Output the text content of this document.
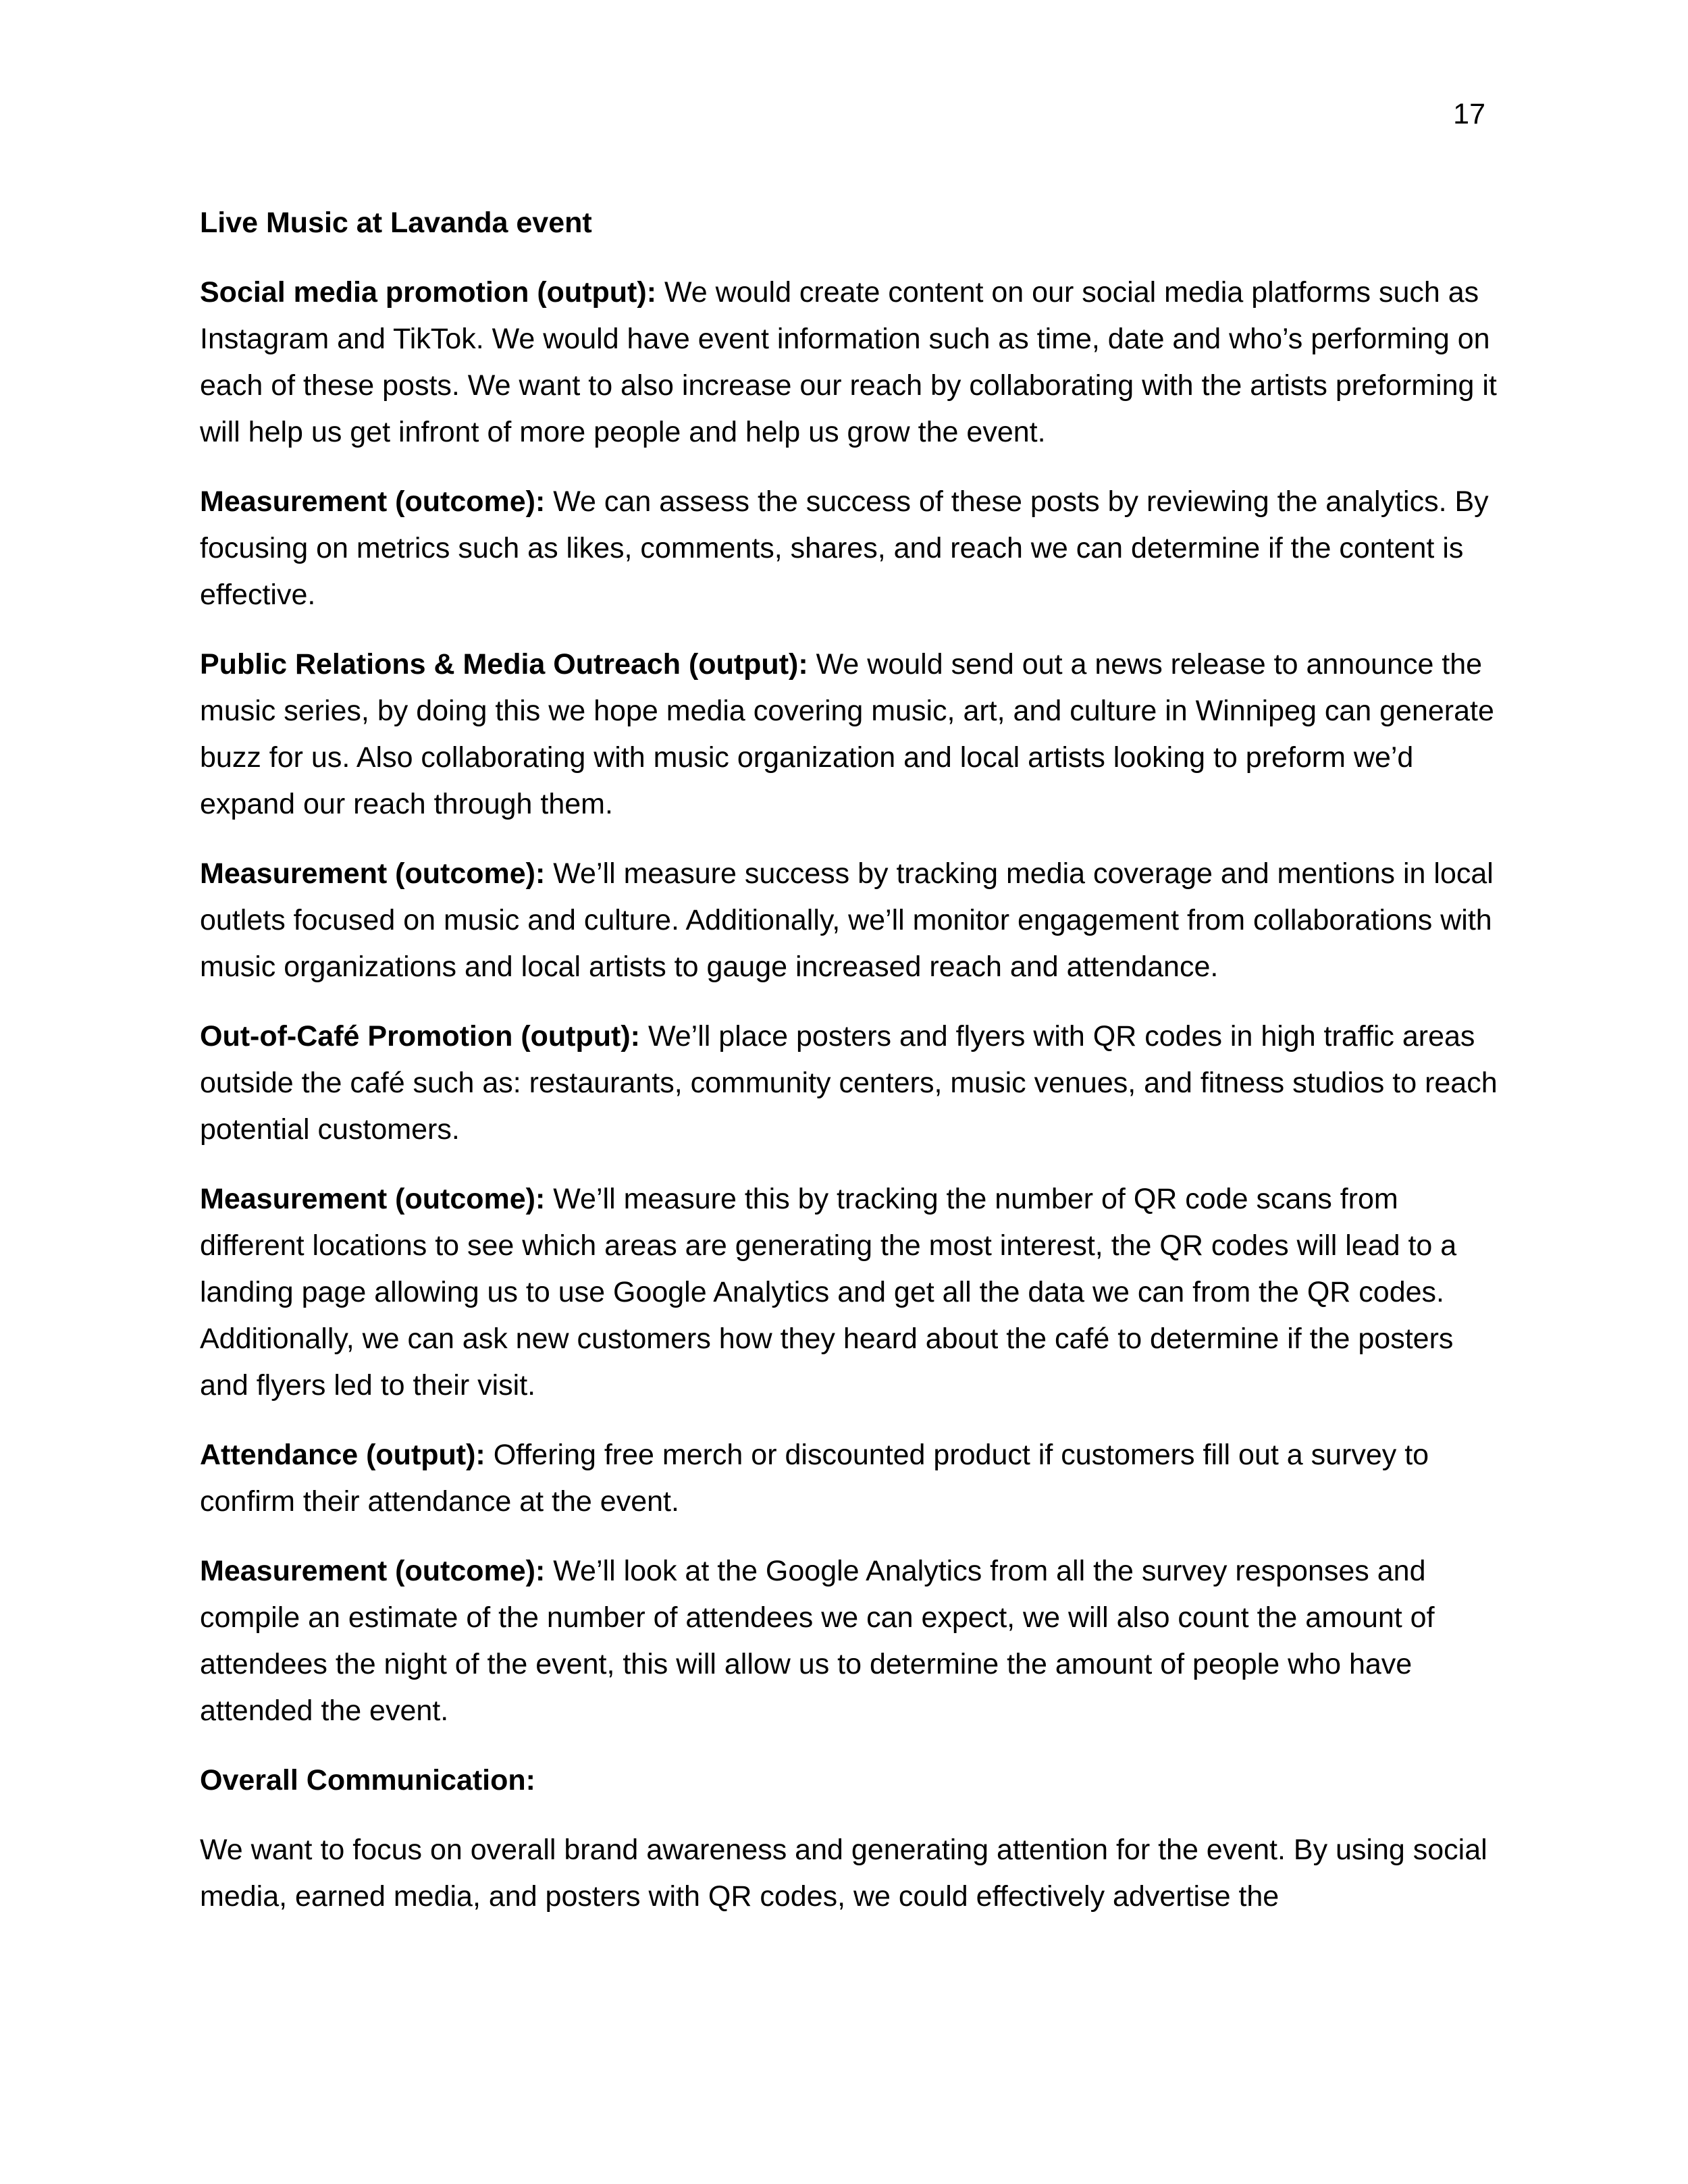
17

Live Music at Lavanda event

Social media promotion (output): We would create content on our social media platforms such as Instagram and TikTok. We would have event information such as time, date and who’s performing on each of these posts. We want to also increase our reach by collaborating with the artists preforming it will help us get infront of more people and help us grow the event.

Measurement (outcome): We can assess the success of these posts by reviewing the analytics. By focusing on metrics such as likes, comments, shares, and reach we can determine if the content is effective.

Public Relations & Media Outreach (output): We would send out a news release to announce the music series, by doing this we hope media covering music, art, and culture in Winnipeg can generate buzz for us. Also collaborating with music organization and local artists looking to preform we’d expand our reach through them.

Measurement (outcome): We’ll measure success by tracking media coverage and mentions in local outlets focused on music and culture. Additionally, we’ll monitor engagement from collaborations with music organizations and local artists to gauge increased reach and attendance.

Out-of-Café Promotion (output): We’ll place posters and flyers with QR codes in high traffic areas outside the café such as: restaurants, community centers, music venues, and fitness studios to reach potential customers.

Measurement (outcome): We’ll measure this by tracking the number of QR code scans from different locations to see which areas are generating the most interest, the QR codes will lead to a landing page allowing us to use Google Analytics and get all the data we can from the QR codes. Additionally, we can ask new customers how they heard about the café to determine if the posters and flyers led to their visit.

Attendance (output): Offering free merch or discounted product if customers fill out a survey to confirm their attendance at the event.

Measurement (outcome): We’ll look at the Google Analytics from all the survey responses and compile an estimate of the number of attendees we can expect, we will also count the amount of attendees the night of the event, this will allow us to determine the amount of people who have attended the event.

Overall Communication:

We want to focus on overall brand awareness and generating attention for the event. By using social media, earned media, and posters with QR codes, we could effectively advertise the
